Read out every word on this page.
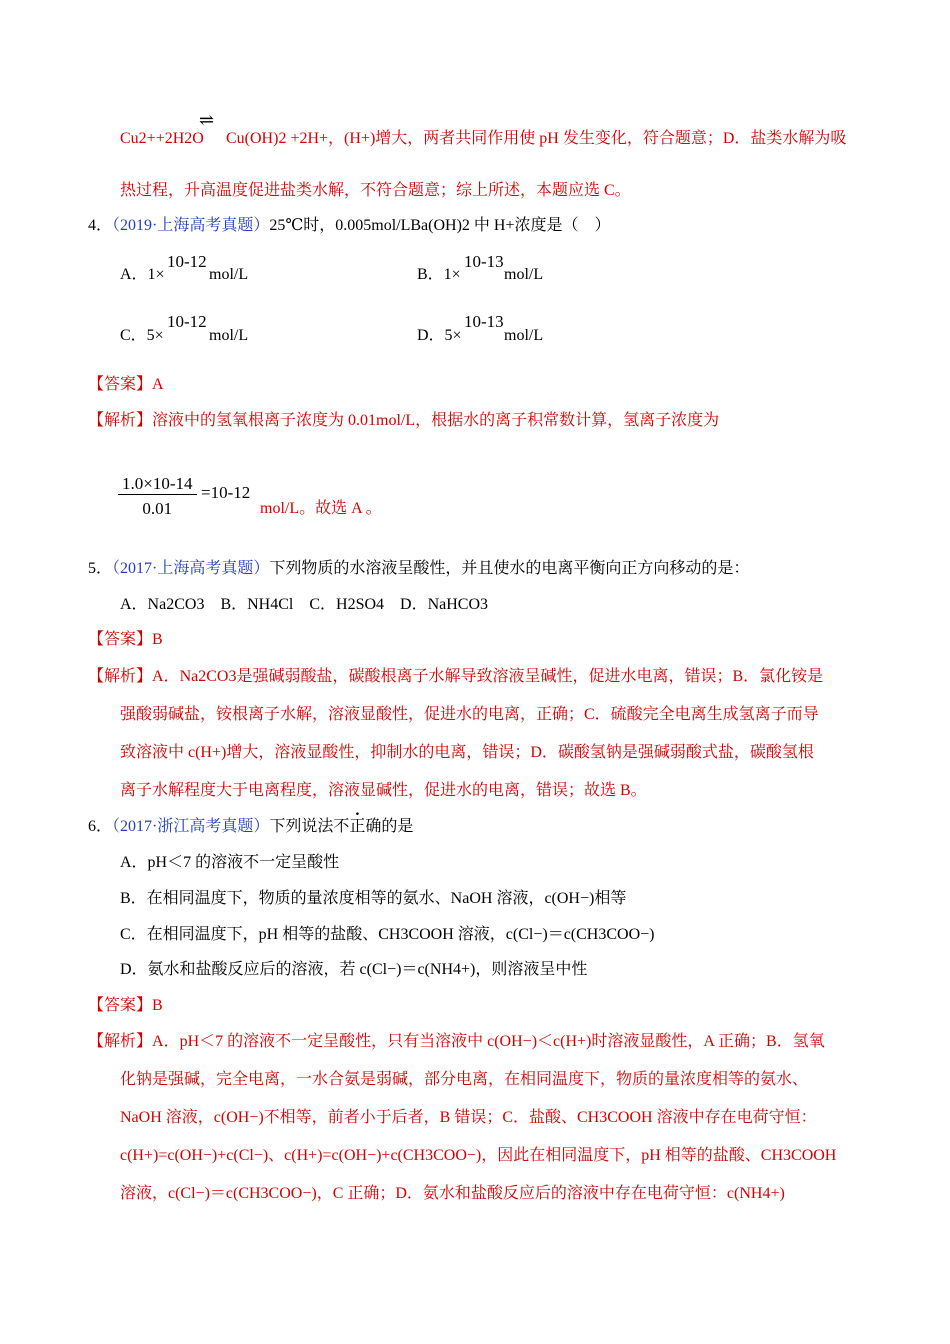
Cu2++2H2O
⇌
Cu(OH)2 +2H+，(H+)增大，两者共同作用使 pH 发生变化，符合题意；D．盐类水解为吸
热过程，升高温度促进盐类水解，不符合题意；综上所述，本题应选 C。
4．（2019·上海高考真题）25℃时，0.005mol/LBa(OH)2 中 H+浓度是（　）
A．1×
10-12
mol/L	B．1×
10-13
mol/L
C．5×
10-12
mol/L	D．5×
10-13
mol/L
【答案】A
【解析】溶液中的氢氧根离子浓度为 0.01mol/L，根据水的离子积常数计算，氢离子浓度为
$\frac{1.0\times 10-14}{0.01} =10-12$
mol/L。故选 A 。
5．（2017·上海高考真题）下列物质的水溶液呈酸性，并且使水的电离平衡向正方向移动的是：
A．Na2CO3　B．NH4Cl　C．H2SO4　D．NaHCO3
【答案】B
【解析】A．Na2CO3是强碱弱酸盐，碳酸根离子水解导致溶液呈碱性，促进水电离，错误；B．氯化铵是
强酸弱碱盐，铵根离子水解，溶液显酸性，促进水的电离，正确；C．硫酸完全电离生成氢离子而导
致溶液中 c(H+)增大，溶液显酸性，抑制水的电离，错误；D．碳酸氢钠是强碱弱酸式盐，碳酸氢根
离子水解程度大于电离程度，溶液显碱性，促进水的电离，错误；故选 B。
6．（2017·浙江高考真题）下列说法不正确的是
A．pH＜7 的溶液不一定呈酸性
B．在相同温度下，物质的量浓度相等的氨水、NaOH 溶液，c(OH−)相等
C．在相同温度下，pH 相等的盐酸、CH3COOH 溶液，c(Cl−)＝c(CH3COO−)
D．氨水和盐酸反应后的溶液，若 c(Cl−)＝c(NH4+)，则溶液呈中性
【答案】B
【解析】A．pH＜7 的溶液不一定呈酸性，只有当溶液中 c(OH−)＜c(H+)时溶液显酸性，A 正确；B．氢氧
化钠是强碱，完全电离，一水合氨是弱碱，部分电离，在相同温度下，物质的量浓度相等的氨水、
NaOH 溶液，c(OH−)不相等，前者小于后者，B 错误；C．盐酸、CH3COOH 溶液中存在电荷守恒：
c(H+)=c(OH−)+c(Cl−)、c(H+)=c(OH−)+c(CH3COO−)，因此在相同温度下，pH 相等的盐酸、CH3COOH
溶液，c(Cl−)＝c(CH3COO−)，C 正确；D．氨水和盐酸反应后的溶液中存在电荷守恒：c(NH4+)
